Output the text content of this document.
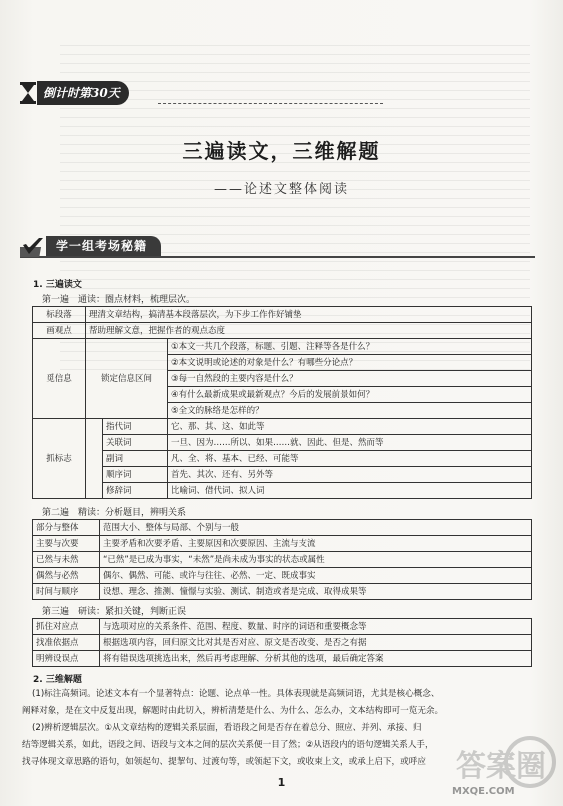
倒计时第30天
三遍读文，三维解题
——论述文整体阅读
学一组考场秘籍
1. 三遍读文
第一遍　通读：圈点材料，梳理层次。
标段落	理清文章结构，搞清基本段落层次，为下步工作作好铺垫		
画观点	帮助理解文意，把握作者的观点态度		
觅信息	锁定信息区间		①本文一共几个段落，标题、引题、注释等各是什么？
			②本文说明或论述的对象是什么？有哪些分论点？
			③每一自然段的主要内容是什么？
			④有什么最新成果或最新观点？今后的发展前景如何？
			⑤全文的脉络是怎样的？
抓标志		指代词	它、那、其、这、如此等
		关联词	一旦、因为……所以、如果……就、因此、但是、然而等
		副词	凡、全、将、基本、已经、可能等
		顺序词	首先、其次、还有、另外等
		修辞词	比喻词、借代词、拟人词
第二遍　精读：分析题目，辨明关系
部分与整体	范围大小、整体与局部、个别与一般
主要与次要	主要矛盾和次要矛盾、主要原因和次要原因、主流与支流
已然与未然	“已然”是已成为事实，“未然”是尚未成为事实的状态或属性
偶然与必然	偶尔、偶然、可能、或许与往往、必然、一定、既成事实
时间与顺序	设想、理念、推测、憧憬与实验、测试、制造或者是完成、取得成果等
第三遍　研读：紧扣关键，判断正误
抓住对应点	与选项对应的关系条件、范围、程度、数量、时序的词语和重要概念等
找准依据点	根据选项内容，回归原文比对其是否对应、原文是否改变、是否之有据
明辨设误点	将有错误选项挑选出来，然后再考虑理解、分析其他的选项，最后确定答案
2. 三维解题
(1)标注高频词。论述文本有一个显著特点：论题、论点单一性。具体表现就是高频词语，尤其是核心概念、
阐释对象，是在文中反复出现，解题时由此切入，辨析清楚是什么、为什么、怎么办，文本结构即可一览无余。
(2)辨析逻辑层次。①从文章结构的逻辑关系层面，看语段之间是否存在着总分、照应、并列、承接、归
结等逻辑关系，如此，语段之间、语段与文本之间的层次关系便一目了然；②从语段内的语句逻辑关系人手，
找寻体现文章思路的语句，如领起句、提挈句、过渡句等，或领起下文，或收束上文，或承上启下，或呼应
1	答案圈
MXQE.COM
